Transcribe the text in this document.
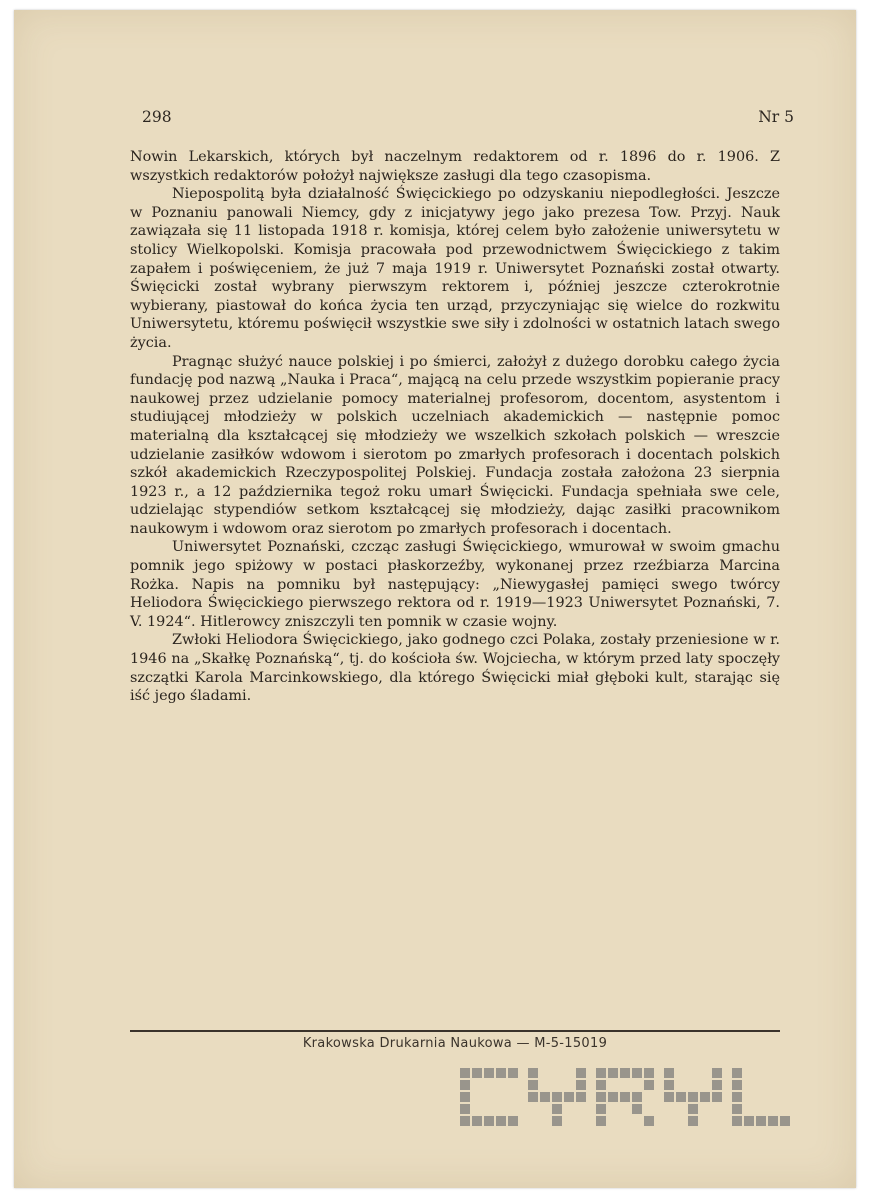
298	Nr 5

Nowin Lekarskich, których był naczelnym redaktorem od r. 1896 do r. 1906. Z wszystkich redaktorów położył największe zasługi dla tego czasopisma.

Niepospolitą była działalność Święcickiego po odzyskaniu niepodległości. Jeszcze w Poznaniu panowali Niemcy, gdy z inicjatywy jego jako prezesa Tow. Przyj. Nauk zawiązała się 11 listopada 1918 r. komisja, której celem było założenie uniwersytetu w stolicy Wielkopolski. Komisja pracowała pod przewodnictwem Święcickiego z takim zapałem i poświęceniem, że już 7 maja 1919 r. Uniwersytet Poznański został otwarty. Święcicki został wybrany pierwszym rektorem i, później jeszcze czterokrotnie wybierany, piastował do końca życia ten urząd, przyczyniając się wielce do rozkwitu Uniwersytetu, któremu poświęcił wszystkie swe siły i zdolności w ostatnich latach swego życia.

Pragnąc służyć nauce polskiej i po śmierci, założył z dużego dorobku całego życia fundację pod nazwą „Nauka i Praca“, mającą na celu przede wszystkim popieranie pracy naukowej przez udzielanie pomocy materialnej profesorom, docentom, asystentom i studiującej młodzieży w polskich uczelniach akademickich — następnie pomoc materialną dla kształcącej się młodzieży we wszelkich szkołach polskich — wreszcie udzielanie zasiłków wdowom i sierotom po zmarłych profesorach i docentach polskich szkół akademickich Rzeczypospolitej Polskiej. Fundacja została założona 23 sierpnia 1923 r., a 12 października tegoż roku umarł Święcicki. Fundacja spełniała swe cele, udzielając stypendiów setkom kształcącej się młodzieży, dając zasiłki pracownikom naukowym i wdowom oraz sierotom po zmarłych profesorach i docentach.

Uniwersytet Poznański, czcząc zasługi Święcickiego, wmurował w swoim gmachu pomnik jego spiżowy w postaci płaskorzeźby, wykonanej przez rzeźbiarza Marcina Rożka. Napis na pomniku był następujący: „Niewygasłej pamięci swego twórcy Heliodora Święcickiego pierwszego rektora od r. 1919—1923 Uniwersytet Poznański, 7. V. 1924“. Hitlerowcy zniszczyli ten pomnik w czasie wojny.

Zwłoki Heliodora Święcickiego, jako godnego czci Polaka, zostały przeniesione w r. 1946 na „Skałkę Poznańską“, tj. do kościoła św. Wojciecha, w którym przed laty spoczęły szczątki Karola Marcinkowskiego, dla którego Święcicki miał głęboki kult, starając się iść jego śladami.

Krakowska Drukarnia Naukowa — M-5-15019
